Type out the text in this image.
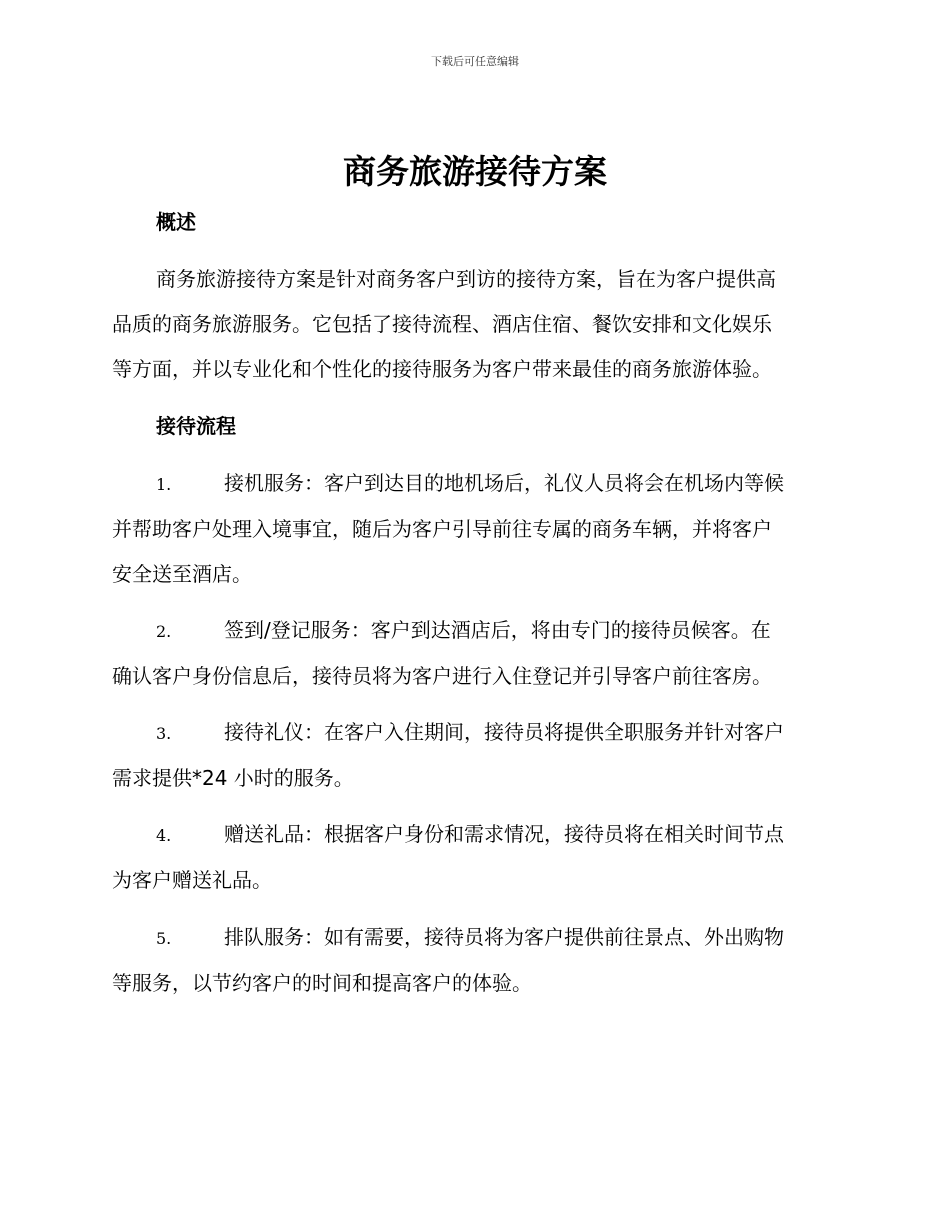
下载后可任意编辑
商务旅游接待方案
概述
商务旅游接待方案是针对商务客户到访的接待方案，旨在为客户提供高
品质的商务旅游服务。它包括了接待流程、酒店住宿、餐饮安排和文化娱乐
等方面，并以专业化和个性化的接待服务为客户带来最佳的商务旅游体验。
接待流程
1.	接机服务：客户到达目的地机场后，礼仪人员将会在机场内等候
并帮助客户处理入境事宜，随后为客户引导前往专属的商务车辆，并将客户
安全送至酒店。
2.	签到/登记服务：客户到达酒店后，将由专门的接待员候客。在
确认客户身份信息后，接待员将为客户进行入住登记并引导客户前往客房。
3.	接待礼仪：在客户入住期间，接待员将提供全职服务并针对客户
需求提供*24 小时的服务。
4.	赠送礼品：根据客户身份和需求情况，接待员将在相关时间节点
为客户赠送礼品。
5.	排队服务：如有需要，接待员将为客户提供前往景点、外出购物
等服务，以节约客户的时间和提高客户的体验。
